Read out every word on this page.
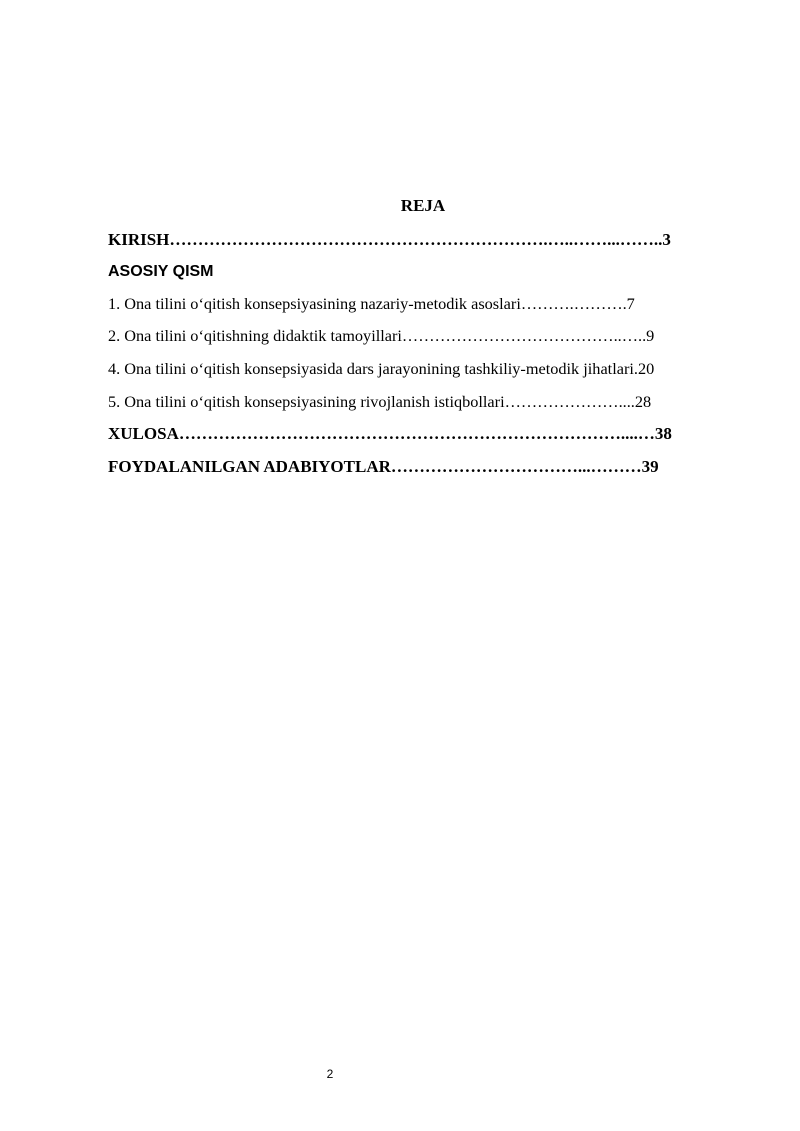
REJA
KIRISH………………………………………………………….…..……...……..3
ASOSIY QISM
1. Ona tilini o‘qitish konsepsiyasining nazariy-metodik asoslari……….……….7
2. Ona tilini o‘qitishning didaktik tamoyillari…………………………………..…..9
4. Ona tilini o‘qitish konsepsiyasida dars jarayonining tashkiliy-metodik jihatlari.20
5. Ona tilini o‘qitish konsepsiyasining rivojlanish istiqbollari…………………....28
XULOSA……………………………………………………………………....…38
FOYDALANILGAN ADABIYOTLAR……………………………...………39
2
